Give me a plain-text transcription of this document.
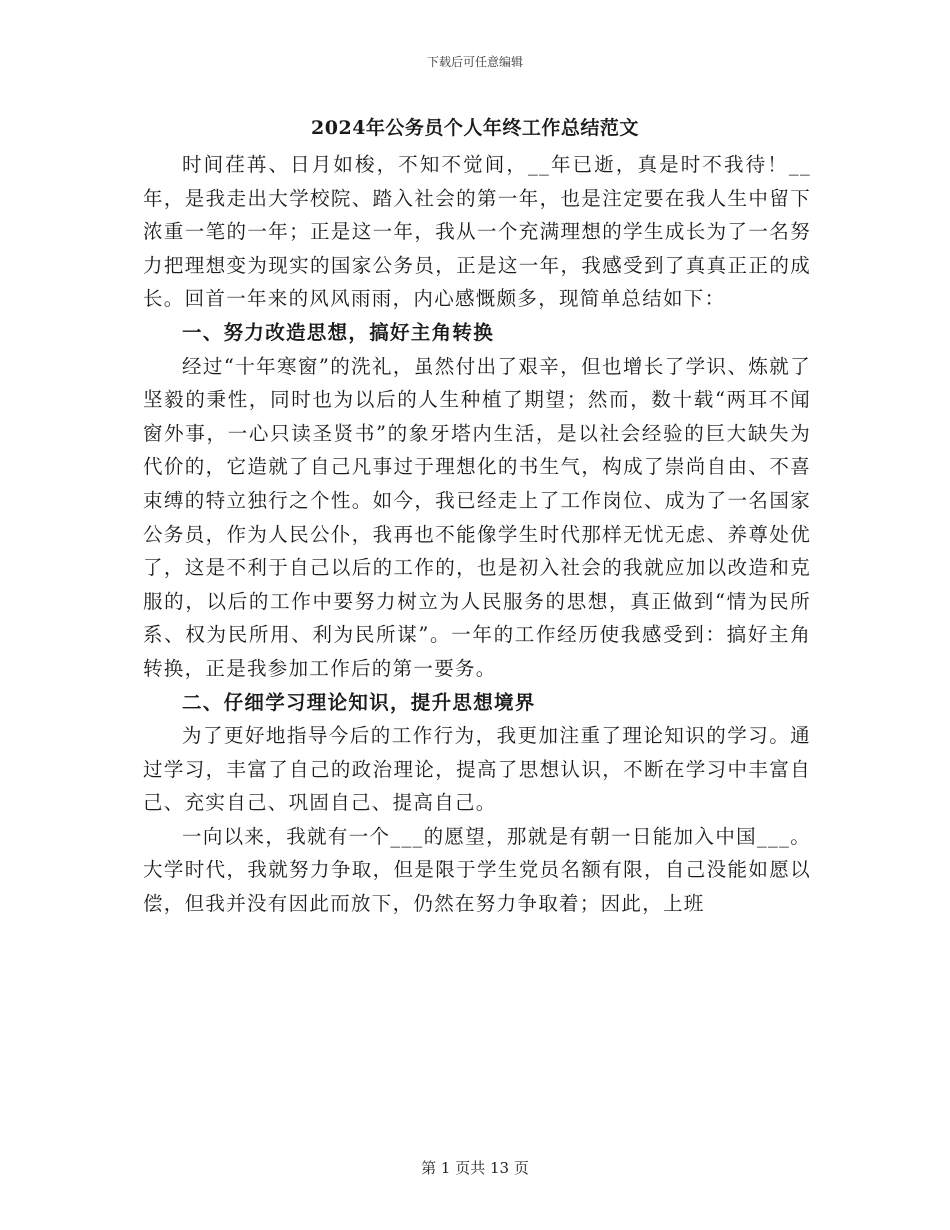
下载后可任意编辑
2024年公务员个人年终工作总结范文

时间荏苒、日月如梭，不知不觉间，__年已逝，真是时不我待！__年，是我走出大学校院、踏入社会的第一年，也是注定要在我人生中留下浓重一笔的一年；正是这一年，我从一个充满理想的学生成长为了一名努力把理想变为现实的国家公务员，正是这一年，我感受到了真真正正的成长。回首一年来的风风雨雨，内心感慨颇多，现简单总结如下：

一、努力改造思想，搞好主角转换

经过“十年寒窗”的洗礼，虽然付出了艰辛，但也增长了学识、炼就了坚毅的秉性，同时也为以后的人生种植了期望；然而，数十载“两耳不闻窗外事，一心只读圣贤书”的象牙塔内生活，是以社会经验的巨大缺失为代价的，它造就了自己凡事过于理想化的书生气，构成了崇尚自由、不喜束缚的特立独行之个性。如今，我已经走上了工作岗位、成为了一名国家公务员，作为人民公仆，我再也不能像学生时代那样无忧无虑、养尊处优了，这是不利于自己以后的工作的，也是初入社会的我就应加以改造和克服的，以后的工作中要努力树立为人民服务的思想，真正做到“情为民所系、权为民所用、利为民所谋”。一年的工作经历使我感受到：搞好主角转换，正是我参加工作后的第一要务。

二、仔细学习理论知识，提升思想境界

为了更好地指导今后的工作行为，我更加注重了理论知识的学习。通过学习，丰富了自己的政治理论，提高了思想认识，不断在学习中丰富自己、充实自己、巩固自己、提高自己。

一向以来，我就有一个___的愿望，那就是有朝一日能加入中国___。大学时代，我就努力争取，但是限于学生党员名额有限，自己没能如愿以偿，但我并没有因此而放下，仍然在努力争取着；因此，上班

第 1 页共 13 页
